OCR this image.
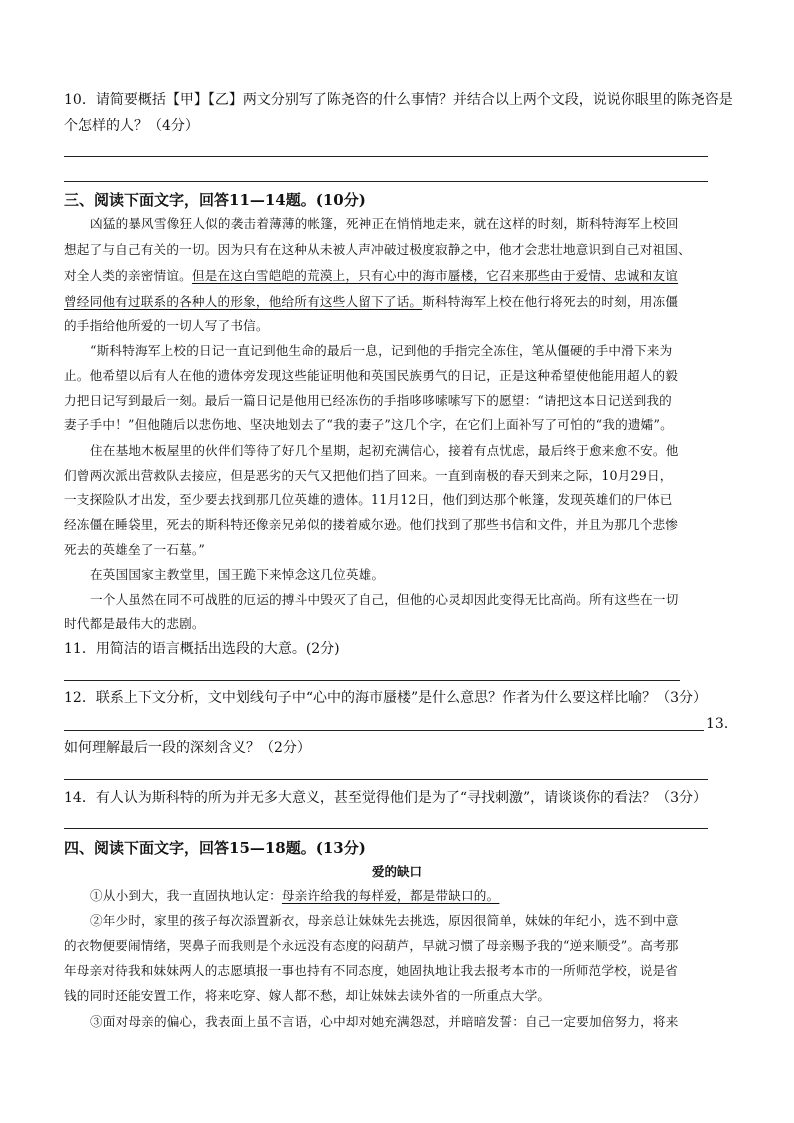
10．请简要概括【甲】【乙】两文分别写了陈尧咨的什么事情？并结合以上两个文段，说说你眼里的陈尧咨是
个怎样的人？（4分）
三、阅读下面文字，回答11—14题。(10分)
凶猛的暴风雪像狂人似的袭击着薄薄的帐篷，死神正在悄悄地走来，就在这样的时刻，斯科特海军上校回
想起了与自己有关的一切。因为只有在这种从未被人声冲破过极度寂静之中，他才会悲壮地意识到自己对祖国、
对全人类的亲密情谊。但是在这白雪皑皑的荒漠上，只有心中的海市蜃楼，它召来那些由于爱情、忠诚和友谊
曾经同他有过联系的各种人的形象，他给所有这些人留下了话。斯科特海军上校在他行将死去的时刻，用冻僵
的手指给他所爱的一切人写了书信。
“斯科特海军上校的日记一直记到他生命的最后一息，记到他的手指完全冻住，笔从僵硬的手中滑下来为
止。他希望以后有人在他的遗体旁发现这些能证明他和英国民族勇气的日记，正是这种希望使他能用超人的毅
力把日记写到最后一刻。最后一篇日记是他用已经冻伤的手指哆哆嗦嗦写下的愿望：“请把这本日记送到我的
妻子手中！”但他随后以悲伤地、坚决地划去了“我的妻子”这几个字，在它们上面补写了可怕的“我的遗孀”。
住在基地木板屋里的伙伴们等待了好几个星期，起初充满信心，接着有点忧虑，最后终于愈来愈不安。他
们曾两次派出营救队去接应，但是恶劣的天气又把他们挡了回来。一直到南极的春天到来之际，10月29日，
一支探险队才出发，至少要去找到那几位英雄的遗体。11月12日，他们到达那个帐篷，发现英雄们的尸体已
经冻僵在睡袋里，死去的斯科特还像亲兄弟似的搂着威尔逊。他们找到了那些书信和文件，并且为那几个悲惨
死去的英雄垒了一石墓。”
在英国国家主教堂里，国王跪下来悼念这几位英雄。
一个人虽然在同不可战胜的厄运的搏斗中毁灭了自己，但他的心灵却因此变得无比高尚。所有这些在一切
时代都是最伟大的悲剧。
11．用简洁的语言概括出选段的大意。(2分)
12．联系上下文分析，文中划线句子中“心中的海市蜃楼”是什么意思？作者为什么要这样比喻？（3分）
13．
如何理解最后一段的深刻含义？（2分）
14．有人认为斯科特的所为并无多大意义，甚至觉得他们是为了“寻找刺激”，请谈谈你的看法？（3分）
四、阅读下面文字，回答15—18题。(13分)
爱的缺口
①从小到大，我一直固执地认定：母亲许给我的每样爱，都是带缺口的。
②年少时，家里的孩子每次添置新衣，母亲总让妹妹先去挑选，原因很简单，妹妹的年纪小，选不到中意
的衣物便要闹情绪，哭鼻子而我则是个永远没有态度的闷葫芦，早就习惯了母亲赐予我的“逆来顺受”。高考那
年母亲对待我和妹妹两人的志愿填报一事也持有不同态度，她固执地让我去报考本市的一所师范学校，说是省
钱的同时还能安置工作，将来吃穿、嫁人都不愁，却让妹妹去读外省的一所重点大学。
③面对母亲的偏心，我表面上虽不言语，心中却对她充满怨怼，并暗暗发誓：自己一定要加倍努力，将来
